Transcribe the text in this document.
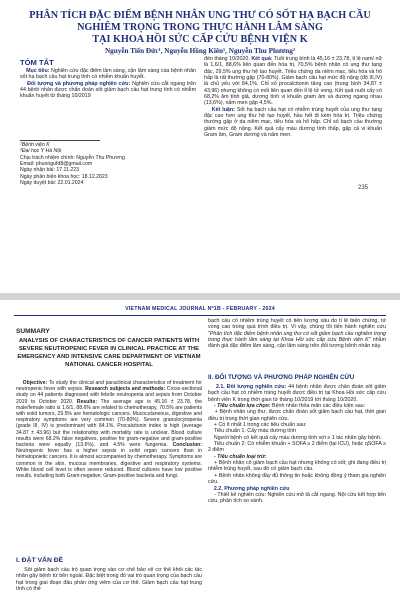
PHÂN TÍCH ĐẶC ĐIỂM BỆNH NHÂN UNG THƯ CÓ SỐT HẠ BẠCH CẦU
NGHIÊM TRỌNG TRONG THỰC HÀNH LÂM SÀNG
TẠI KHOA HỒI SỨC CẤP CỨU BỆNH VIỆN K
Nguyễn Tiến Đức¹, Nguyễn Hồng Kiên¹, Nguyễn Thu Phương²
TÓM TẮT

Mục tiêu: Nghiên cứu đặc điểm lâm sàng, cận lâm sàng của bệnh nhân sốt hạ bạch cầu hạt trung tính có nhiễm khuẩn huyết.

Đối tượng và phương pháp nghiên cứu: Nghiên cứu cắt ngang trên 44 bệnh nhân được chẩn đoán sốt giảm bạch cầu hạt trung tính có nhiễm khuẩn huyết từ tháng 10/2019

¹Bệnh viện K
²Đại học Y Hà Nội
Chịu trách nhiệm chính: Nguyễn Thu Phương
Email: phuongufd8@gmail.com
Ngày nhận bài: 17.11.223
Ngày phản biện khoa học: 18.12.2023
Ngày duyệt bài: 22.01.2024

đến tháng 10/2020. Kết quả: Tuổi trung bình là 45,16 ± 23,78, tỉ lệ nam/ nữ là 1,6/1, 88,6% liên quan đến hóa trị, 70,5% bệnh nhân có ung thư tạng đặc, 29,5% ung thư hệ tạo huyết. Triệu chứng da niêm mạc, tiêu hóa và hô hấp là rất thường gặp (70-80%). Giảm bạch cầu hạt mức độ nặng (độ III,IV) là chủ yếu với 84,1%. Chỉ số procalcitonin tăng cao (trung bình 34,87 ± 43,96) nhưng không có mối liên quan đến tỉ lệ tử vong. Kết quả nuôi cấy có 68,2% âm tính giả, dương tính vi khuẩn gram âm và dương ngang nhau (13,6%), nấm men gặp 4,5%.

Kết luận: Sốt hạ bạch cầu hạt có nhiễm trùng huyết của ung thư tạng đặc cao hơn ung thư hệ tạo huyết, hầu hết đi kèm hóa trị. Triệu chứng thường gặp ở da niêm mạc, tiêu hóa và hô hấp. Chỉ số bạch cầu thường giảm mức độ nặng. Kết quả cấy máu dương tính thấp, gặp cả vi khuẩn Gram âm, Gram dương và nấm men.

235
VIETNAM MEDICAL JOURNAL Nº1B - FEBRUARY - 2024
SUMMARY
ANALYSIS OF CHARACTERISTICS OF CANCER PATIENTS WITH SEVERE NEUTROPENIC FEVER IN CLINICAL PRACTICE AT THE EMERGENCY AND INTENSIVE CARE DEPARTMENT OF VIETNAM NATIONAL CANCER HOSPITAL

Objective: To study the clinical and paraclinical characteristics of treatment for neutropenic fever with sepsis. Research subjects and methods: Cross-sectional study on 44 patients diagnosed with febrile neutropenia and sepsis from October 2019 to October 2020. Results: The average age is 45.16 ± 23.78, the male/female ratio is 1.6/1, 88.6% are related to chemotherapy, 70.5% are patients with solid tumors, 29.5% are hematologic cancers. Mucocutaneous, digestive and respiratory symptoms are very common (70-80%). Severe granulocytopenia (grade III, IV) is predominant with 84.1%. Procalcitonin index is high (average 34.87 ± 43.96) but the relationship with mortality rate is unclear. Blood culture results were 68.2% false negatives, positive for gram-negative and gram-positive bacteria were equally (13.6%), and 4.5% were fungemia. Conclusion: Neutropenic fever has a higher sepsis in solid organ cancers than in hematopoietic cancers. It is almost accompanied by chemotherapy. Symptoms are common in the skin, mucous membranes, digestive and respiratory systems. White blood cell level is often severe reduced. Blood cultures have low positive results, including both Gram-negative; Gram-positive bacteria and fungi.

I. ĐẶT VẤN ĐỀ

Sốt giảm bạch cầu trò quan trọng vào cơ chế bảo vệ cơ thể khỏi các tác nhân gây bệnh từ bên ngoài. Đặc biệt trong đó vai trò quan trọng của bạch cầu hạt trong giai đoạn đầu phản ứng viêm của cơ thể. Giảm bạch cầu hạt trung tính có thể

bạch cầu có nhiễm trùng huyết có tiên lượng xấu do tỉ lệ biến chứng, tử vong cao trong quá trình điều trị. Vì vậy, chúng tôi tiến hành nghiên cứu "Phân tích đặc điểm bệnh nhân ung thư có sốt giảm bạch cầu nghiêm trọng trong thực hành lâm sàng tại Khoa Hồi sức cấp cứu Bệnh viện K" nhằm đánh giá đặc điểm lâm sàng, cận lâm sàng trên đối tượng bệnh nhân này.

II. ĐỐI TƯỢNG VÀ PHƯƠNG PHÁP NGHIÊN CỨU

2.1. Đối tượng nghiên cứu: 44 bệnh nhân được chẩn đoán sốt giảm bạch cầu hạt có nhiễm trùng huyết được điều trị tại Khoa Hồi sức cấp cứu bệnh viện K trong thời gian từ tháng 10/2019 tới tháng 10/2020.

- Tiêu chuẩn lựa chọn: Bệnh nhân thỏa mãn các điều kiện sau:

+ Bệnh nhân ung thư, được chẩn đoán sốt giảm bạch cầu hạt, thời gian điều trị trong thời gian nghiên cứu.

+ Có ít nhất 1 trong các tiêu chuẩn sau:

Tiêu chuẩn 1: Cấy máu dương tính

Người bệnh có kết quả cấy máu dương tính với ≥ 1 tác nhân gây bệnh.

Tiêu chuẩn 2: Có nhiễm khuẩn + SOFA ≥ 2 điểm (tại ICU), hoặc qSOFA ≥ 2 điểm

- Tiêu chuẩn loại trừ:

+ Bệnh nhân có giảm bạch cầu hạt nhưng không có sốt; ghi đang điều trị nhiễm trùng huyết, sau đó có giảm bạch cầu.

+ Bệnh nhân không đầy đủ thông tin hoặc không đồng ý tham gia nghiên cứu.

2.2. Phương pháp nghiên cứu

- Thiết kế nghiên cứu: Nghiên cứu mô tả cắt ngang. Nội cứu kết hợp tiến cứu, phân tích so sánh.
